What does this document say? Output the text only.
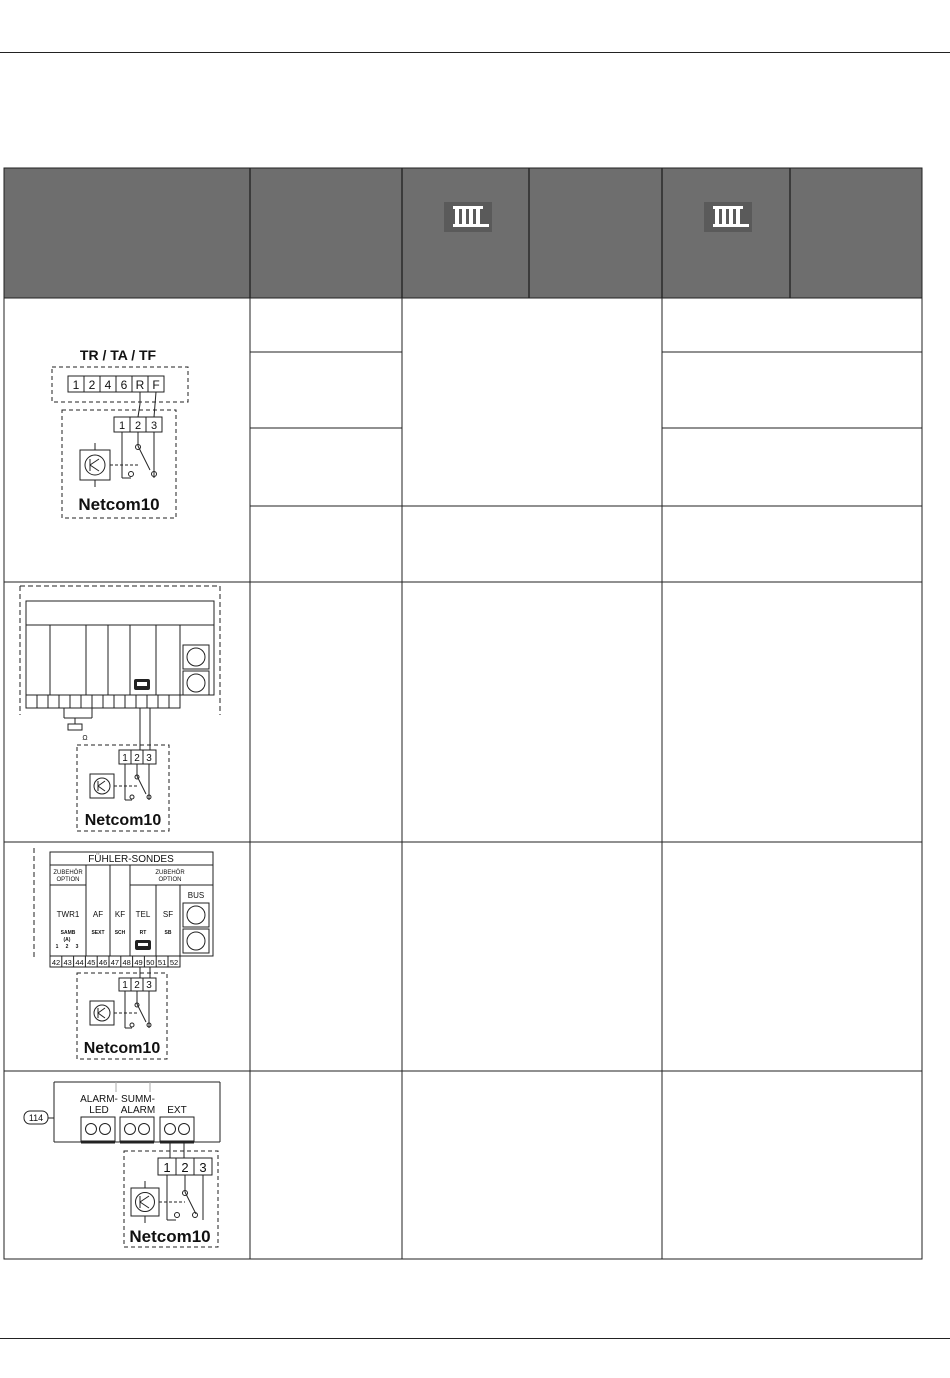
TR / TA / TF
1 2 4 6 R F
1 2 3
Netcom10
Ω
1 2 3
Netcom10
FÜHLER-SONDES
ZUBEHÖR
OPTION
ZUBEHÖR
OPTION
BUS
TWR1 AF KF TEL SF
SAMB	SEXT SCH	RT	SB
(A)
1 2 3
42 43 44 45 46 47 48 49 50 51 52
1 2 3
Netcom10
114
ALARM-
LED
SUMM-
ALARM EXT
1 2 3
Netcom10
